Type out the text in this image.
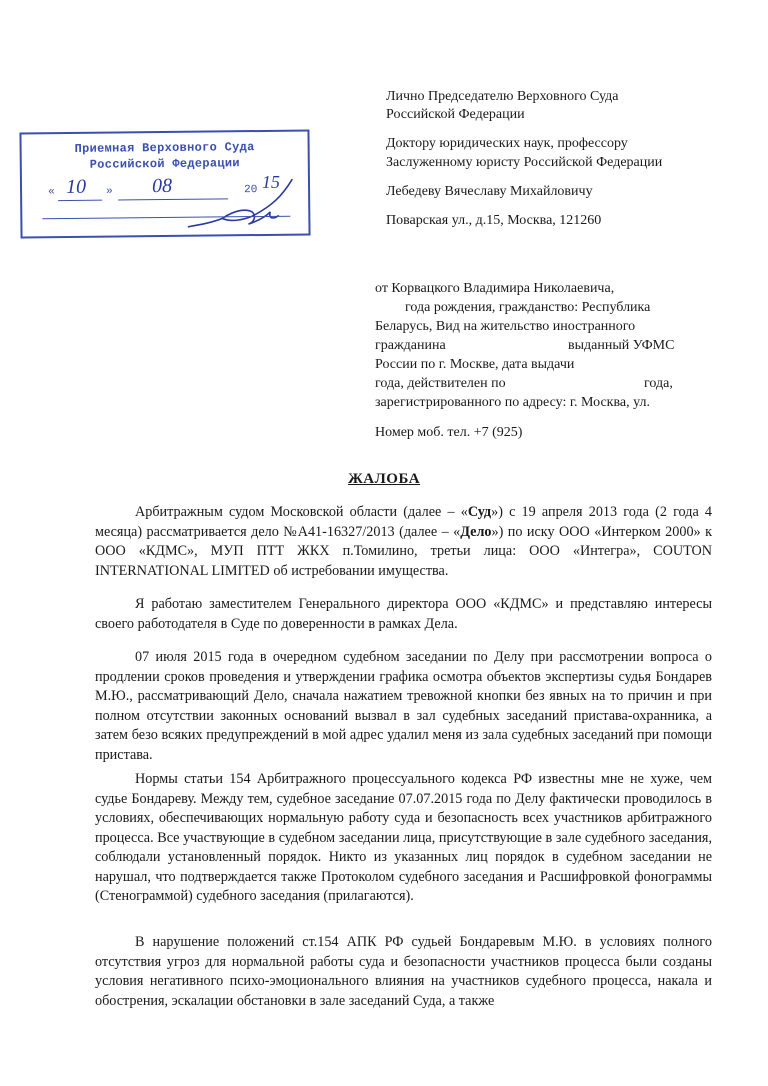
Приемная Верховного Суда
Российской Федерации
« 10 » 08	20 15
Лично Председателю Верховного Суда
Российской Федерации
Доктору юридических наук, профессору
Заслуженному юристу Российской Федерации
Лебедеву Вячеславу Михайловичу
Поварская ул., д.15, Москва, 121260
от Корвацкого Владимира Николаевича,
года рождения, гражданство: Республика
Беларусь, Вид на жительство иностранного
гражданина	выданный УФМС
России по г. Москве, дата выдачи
года, действителен по	года,
зарегистрированного по адресу: г. Москва, ул.
Номер моб. тел. +7 (925)
ЖАЛОБА

Арбитражным судом Московской области (далее – «Суд») с 19 апреля 2013 года (2 года 4 месяца) рассматривается дело №А41-16327/2013 (далее – «Дело») по иску ООО «Интерком 2000» к ООО «КДМС», МУП ПТТ ЖКХ п.Томилино, третьи лица: ООО «Интегра», COUTON INTERNATIONAL LIMITED об истребовании имущества.

Я работаю заместителем Генерального директора ООО «КДМС» и представляю интересы своего работодателя в Суде по доверенности в рамках Дела.

07 июля 2015 года в очередном судебном заседании по Делу при рассмотрении вопроса о продлении сроков проведения и утверждении графика осмотра объектов экспертизы судья Бондарев М.Ю., рассматривающий Дело, сначала нажатием тревожной кнопки без явных на то причин и при полном отсутствии законных оснований вызвал в зал судебных заседаний пристава-охранника, а затем безо всяких предупреждений в мой адрес удалил меня из зала судебных заседаний при помощи пристава.

Нормы статьи 154 Арбитражного процессуального кодекса РФ известны мне не хуже, чем судье Бондареву. Между тем, судебное заседание 07.07.2015 года по Делу фактически проводилось в условиях, обеспечивающих нормальную работу суда и безопасность всех участников арбитражного процесса. Все участвующие в судебном заседании лица, присутствующие в зале судебного заседания, соблюдали установленный порядок. Никто из указанных лиц порядок в судебном заседании не нарушал, что подтверждается также Протоколом судебного заседания и Расшифровкой фонограммы (Стенограммой) судебного заседания (прилагаются).

В нарушение положений ст.154 АПК РФ судьей Бондаревым М.Ю. в условиях полного отсутствия угроз для нормальной работы суда и безопасности участников процесса были созданы условия негативного психо-эмоционального влияния на участников судебного процесса, накала и обострения, эскалации обстановки в зале заседаний Суда, а также
